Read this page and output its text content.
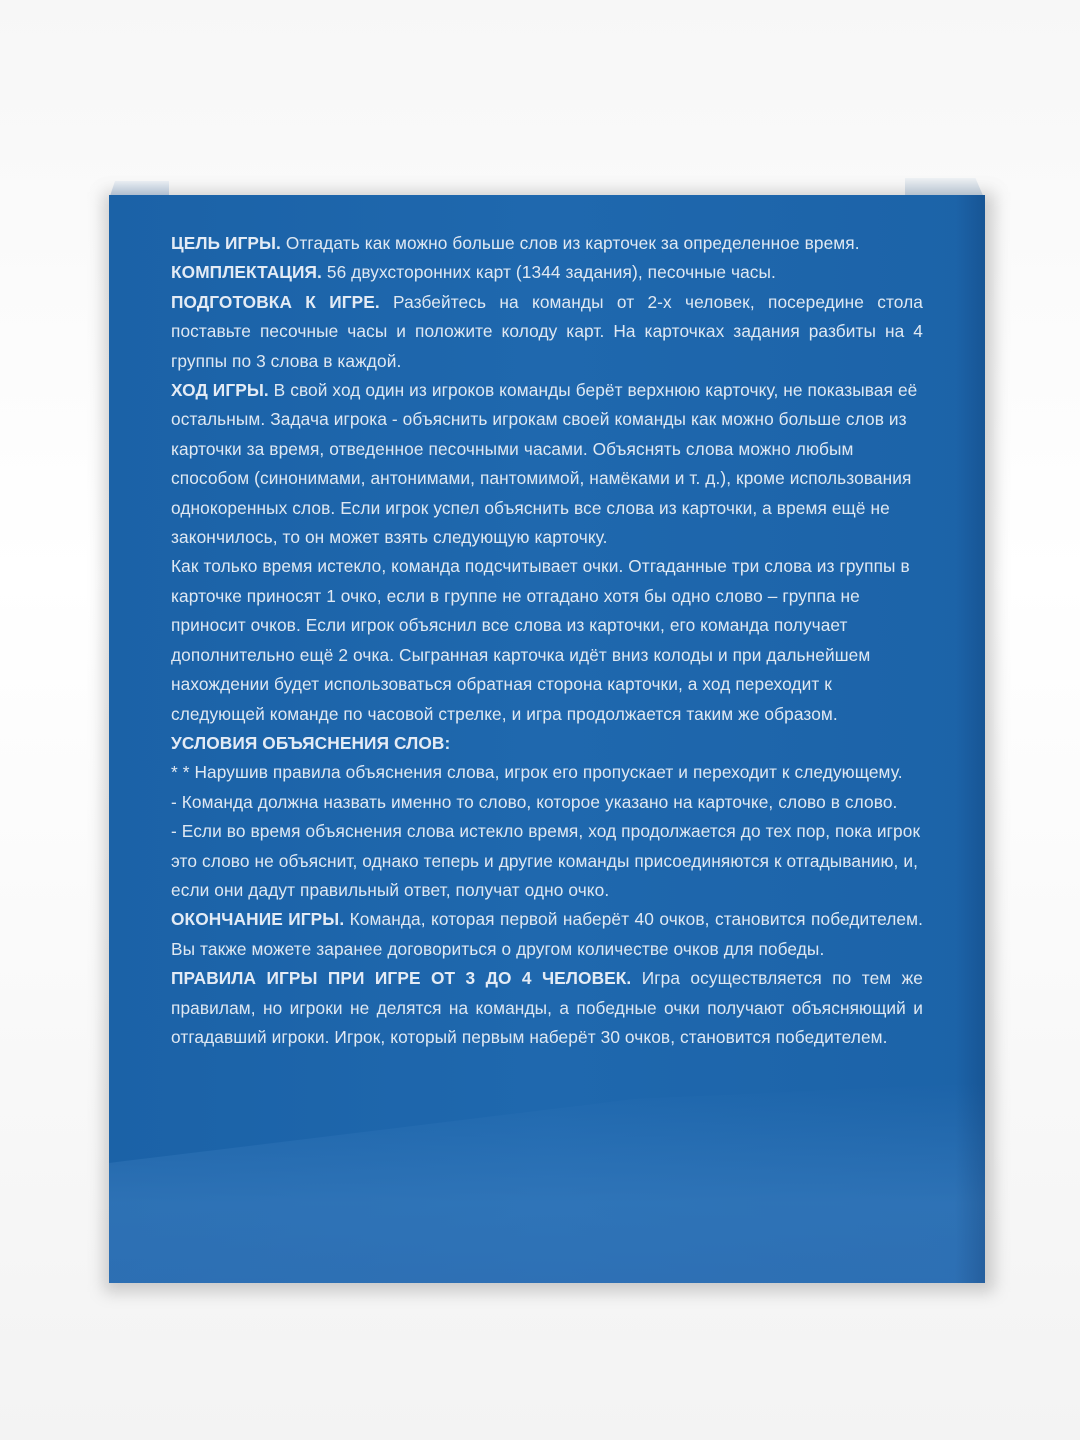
ЦЕЛЬ ИГРЫ. Отгадать как можно больше слов из карточек за определенное время.

КОМПЛЕКТАЦИЯ. 56 двухсторонних карт (1344 задания), песочные часы.

ПОДГОТОВКА К ИГРЕ. Разбейтесь на команды от 2-х человек, посередине стола поставьте песочные часы и положите колоду карт. На карточках задания разбиты на 4 группы по 3 слова в каждой.

ХОД ИГРЫ. В свой ход один из игроков команды берёт верхнюю карточку, не показывая её остальным. Задача игрока - объяснить игрокам своей команды как можно больше слов из карточки за время, отведенное песочными часами. Объяснять слова можно любым способом (синонимами, антонимами, пантомимой, намёками и т. д.), кроме использования однокоренных слов. Если игрок успел объяснить все слова из карточки, а время ещё не закончилось, то он может взять следующую карточку.

Как только время истекло, команда подсчитывает очки. Отгаданные три слова из группы в карточке приносят 1 очко, если в группе не отгадано хотя бы одно слово – группа не приносит очков. Если игрок объяснил все слова из карточки, его команда получает дополнительно ещё 2 очка. Сыгранная карточка идёт вниз колоды и при дальнейшем нахождении будет использоваться обратная сторона карточки, а ход переходит к следующей команде по часовой стрелке, и игра продолжается таким же образом.

УСЛОВИЯ ОБЪЯСНЕНИЯ СЛОВ:

* * Нарушив правила объяснения слова, игрок его пропускает и переходит к следующему.

- Команда должна назвать именно то слово, которое указано на карточке, слово в слово.

- Если во время объяснения слова истекло время, ход продолжается до тех пор, пока игрок это слово не объяснит, однако теперь и другие команды присоединяются к отгадыванию, и, если они дадут правильный ответ, получат одно очко.

ОКОНЧАНИЕ ИГРЫ. Команда, которая первой наберёт 40 очков, становится победителем. Вы также можете заранее договориться о другом количестве очков для победы.

ПРАВИЛА ИГРЫ ПРИ ИГРЕ ОТ 3 ДО 4 ЧЕЛОВЕК. Игра осуществляется по тем же правилам, но игроки не делятся на команды, а победные очки получают объясняющий и отгадавший игроки. Игрок, который первым наберёт 30 очков, становится победителем.
